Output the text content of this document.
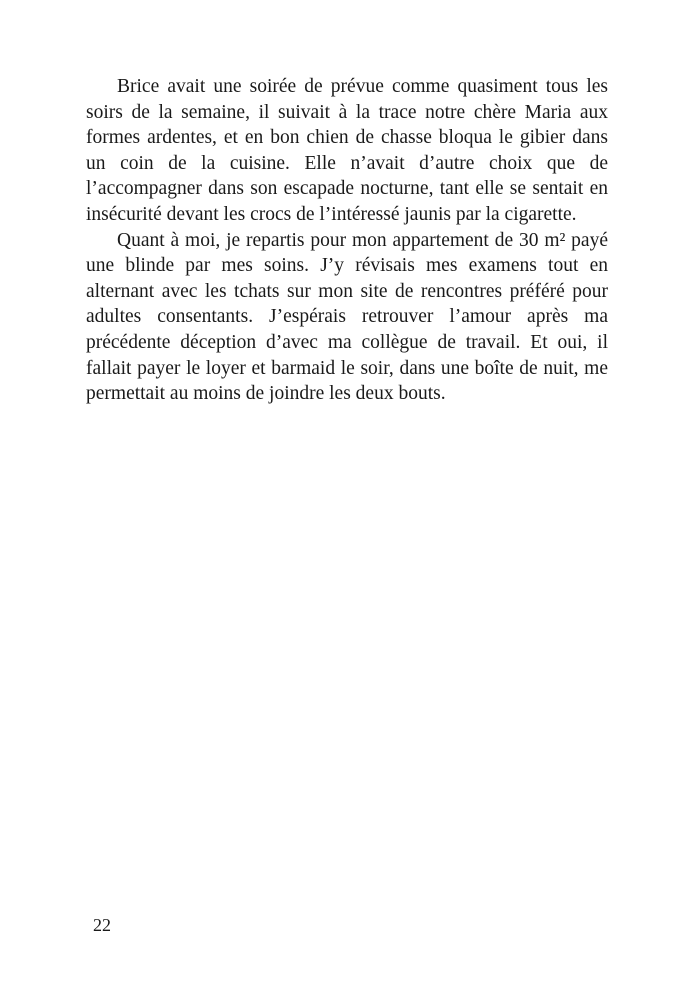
Brice avait une soirée de prévue comme quasiment tous les soirs de la semaine, il suivait à la trace notre chère Maria aux formes ardentes, et en bon chien de chasse bloqua le gibier dans un coin de la cuisine. Elle n’avait d’autre choix que de l’accompagner dans son escapade nocturne, tant elle se sentait en insécurité devant les crocs de l’intéressé jaunis par la cigarette.

Quant à moi, je repartis pour mon appartement de 30 m² payé une blinde par mes soins. J’y révisais mes examens tout en alternant avec les tchats sur mon site de rencontres préféré pour adultes consentants. J’espérais retrouver l’amour après ma précédente déception d’avec ma collègue de travail. Et oui, il fallait payer le loyer et barmaid le soir, dans une boîte de nuit, me permettait au moins de joindre les deux bouts.

22
